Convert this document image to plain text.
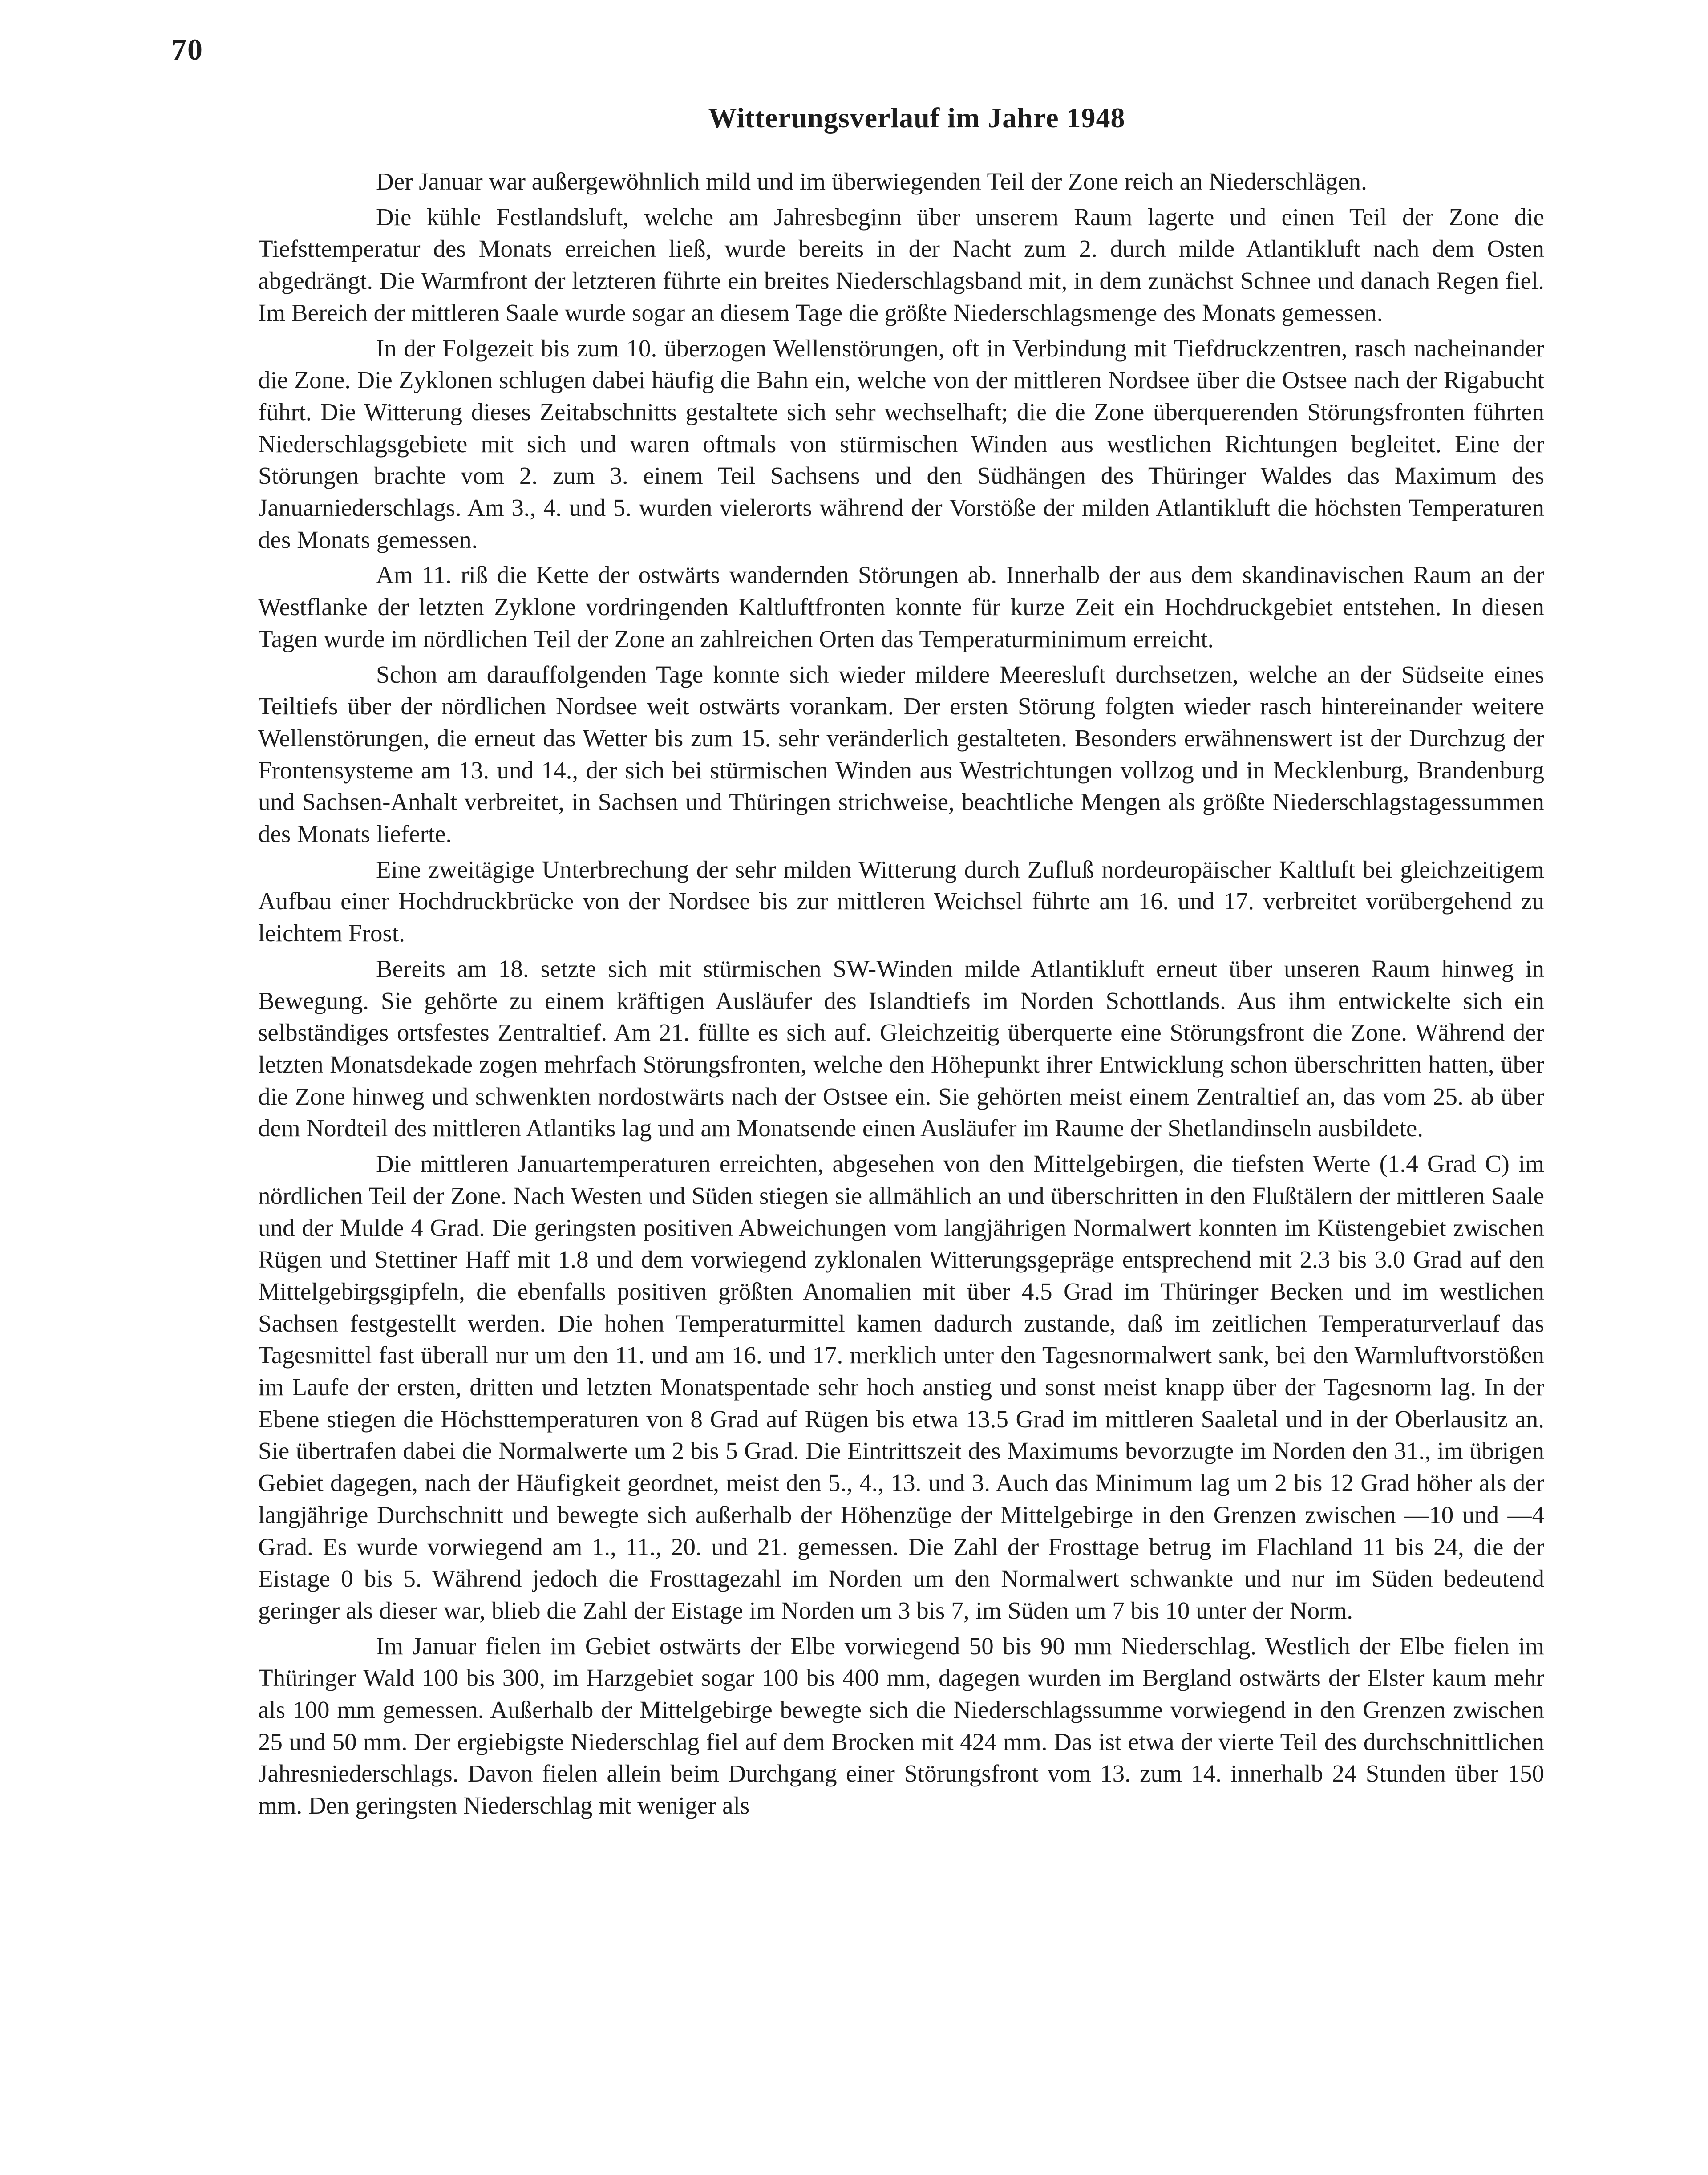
70
Witterungsverlauf im Jahre 1948

Der Januar war außergewöhnlich mild und im überwiegenden Teil der Zone reich an Niederschlägen.

Die kühle Festlandsluft, welche am Jahresbeginn über unserem Raum lagerte und einen Teil der Zone die Tiefsttemperatur des Monats erreichen ließ, wurde bereits in der Nacht zum 2. durch milde Atlantikluft nach dem Osten abgedrängt. Die Warmfront der letzteren führte ein breites Niederschlagsband mit, in dem zunächst Schnee und danach Regen fiel. Im Bereich der mittleren Saale wurde sogar an diesem Tage die größte Niederschlagsmenge des Monats gemessen.

In der Folgezeit bis zum 10. überzogen Wellenstörungen, oft in Verbindung mit Tiefdruckzentren, rasch nacheinander die Zone. Die Zyklonen schlugen dabei häufig die Bahn ein, welche von der mittleren Nordsee über die Ostsee nach der Rigabucht führt. Die Witterung dieses Zeitabschnitts gestaltete sich sehr wechselhaft; die die Zone überquerenden Störungsfronten führten Niederschlagsgebiete mit sich und waren oftmals von stürmischen Winden aus westlichen Richtungen begleitet. Eine der Störungen brachte vom 2. zum 3. einem Teil Sachsens und den Südhängen des Thüringer Waldes das Maximum des Januarniederschlags. Am 3., 4. und 5. wurden vielerorts während der Vorstöße der milden Atlantikluft die höchsten Temperaturen des Monats gemessen.

Am 11. riß die Kette der ostwärts wandernden Störungen ab. Innerhalb der aus dem skandinavischen Raum an der Westflanke der letzten Zyklone vordringenden Kaltluftfronten konnte für kurze Zeit ein Hochdruckgebiet entstehen. In diesen Tagen wurde im nördlichen Teil der Zone an zahlreichen Orten das Temperaturminimum erreicht.

Schon am darauffolgenden Tage konnte sich wieder mildere Meeresluft durchsetzen, welche an der Südseite eines Teiltiefs über der nördlichen Nordsee weit ostwärts vorankam. Der ersten Störung folgten wieder rasch hintereinander weitere Wellenstörungen, die erneut das Wetter bis zum 15. sehr veränderlich gestalteten. Besonders erwähnenswert ist der Durchzug der Frontensysteme am 13. und 14., der sich bei stürmischen Winden aus Westrichtungen vollzog und in Mecklenburg, Brandenburg und Sachsen-Anhalt verbreitet, in Sachsen und Thüringen strichweise, beachtliche Mengen als größte Niederschlagstagessummen des Monats lieferte.

Eine zweitägige Unterbrechung der sehr milden Witterung durch Zufluß nordeuropäischer Kaltluft bei gleichzeitigem Aufbau einer Hochdruckbrücke von der Nordsee bis zur mittleren Weichsel führte am 16. und 17. verbreitet vorübergehend zu leichtem Frost.

Bereits am 18. setzte sich mit stürmischen SW-Winden milde Atlantikluft erneut über unseren Raum hinweg in Bewegung. Sie gehörte zu einem kräftigen Ausläufer des Islandtiefs im Norden Schottlands. Aus ihm entwickelte sich ein selbständiges ortsfestes Zentraltief. Am 21. füllte es sich auf. Gleichzeitig überquerte eine Störungsfront die Zone. Während der letzten Monatsdekade zogen mehrfach Störungsfronten, welche den Höhepunkt ihrer Entwicklung schon überschritten hatten, über die Zone hinweg und schwenkten nordostwärts nach der Ostsee ein. Sie gehörten meist einem Zentraltief an, das vom 25. ab über dem Nordteil des mittleren Atlantiks lag und am Monatsende einen Ausläufer im Raume der Shetlandinseln ausbildete.

Die mittleren Januartemperaturen erreichten, abgesehen von den Mittelgebirgen, die tiefsten Werte (1.4 Grad C) im nördlichen Teil der Zone. Nach Westen und Süden stiegen sie allmählich an und überschritten in den Flußtälern der mittleren Saale und der Mulde 4 Grad. Die geringsten positiven Abweichungen vom langjährigen Normalwert konnten im Küstengebiet zwischen Rügen und Stettiner Haff mit 1.8 und dem vorwiegend zyklonalen Witterungsgepräge entsprechend mit 2.3 bis 3.0 Grad auf den Mittelgebirgsgipfeln, die ebenfalls positiven größten Anomalien mit über 4.5 Grad im Thüringer Becken und im westlichen Sachsen festgestellt werden. Die hohen Temperaturmittel kamen dadurch zustande, daß im zeitlichen Temperaturverlauf das Tagesmittel fast überall nur um den 11. und am 16. und 17. merklich unter den Tagesnormalwert sank, bei den Warmluftvorstößen im Laufe der ersten, dritten und letzten Monatspentade sehr hoch anstieg und sonst meist knapp über der Tagesnorm lag. In der Ebene stiegen die Höchsttemperaturen von 8 Grad auf Rügen bis etwa 13.5 Grad im mittleren Saaletal und in der Oberlausitz an. Sie übertrafen dabei die Normalwerte um 2 bis 5 Grad. Die Eintrittszeit des Maximums bevorzugte im Norden den 31., im übrigen Gebiet dagegen, nach der Häufigkeit geordnet, meist den 5., 4., 13. und 3. Auch das Minimum lag um 2 bis 12 Grad höher als der langjährige Durchschnitt und bewegte sich außerhalb der Höhenzüge der Mittelgebirge in den Grenzen zwischen —10 und —4 Grad. Es wurde vorwiegend am 1., 11., 20. und 21. gemessen. Die Zahl der Frosttage betrug im Flachland 11 bis 24, die der Eistage 0 bis 5. Während jedoch die Frosttagezahl im Norden um den Normalwert schwankte und nur im Süden bedeutend geringer als dieser war, blieb die Zahl der Eistage im Norden um 3 bis 7, im Süden um 7 bis 10 unter der Norm.

Im Januar fielen im Gebiet ostwärts der Elbe vorwiegend 50 bis 90 mm Niederschlag. Westlich der Elbe fielen im Thüringer Wald 100 bis 300, im Harzgebiet sogar 100 bis 400 mm, dagegen wurden im Bergland ostwärts der Elster kaum mehr als 100 mm gemessen. Außerhalb der Mittelgebirge bewegte sich die Niederschlagssumme vorwiegend in den Grenzen zwischen 25 und 50 mm. Der ergiebigste Niederschlag fiel auf dem Brocken mit 424 mm. Das ist etwa der vierte Teil des durchschnittlichen Jahresniederschlags. Davon fielen allein beim Durchgang einer Störungsfront vom 13. zum 14. innerhalb 24 Stunden über 150 mm. Den geringsten Niederschlag mit weniger als
